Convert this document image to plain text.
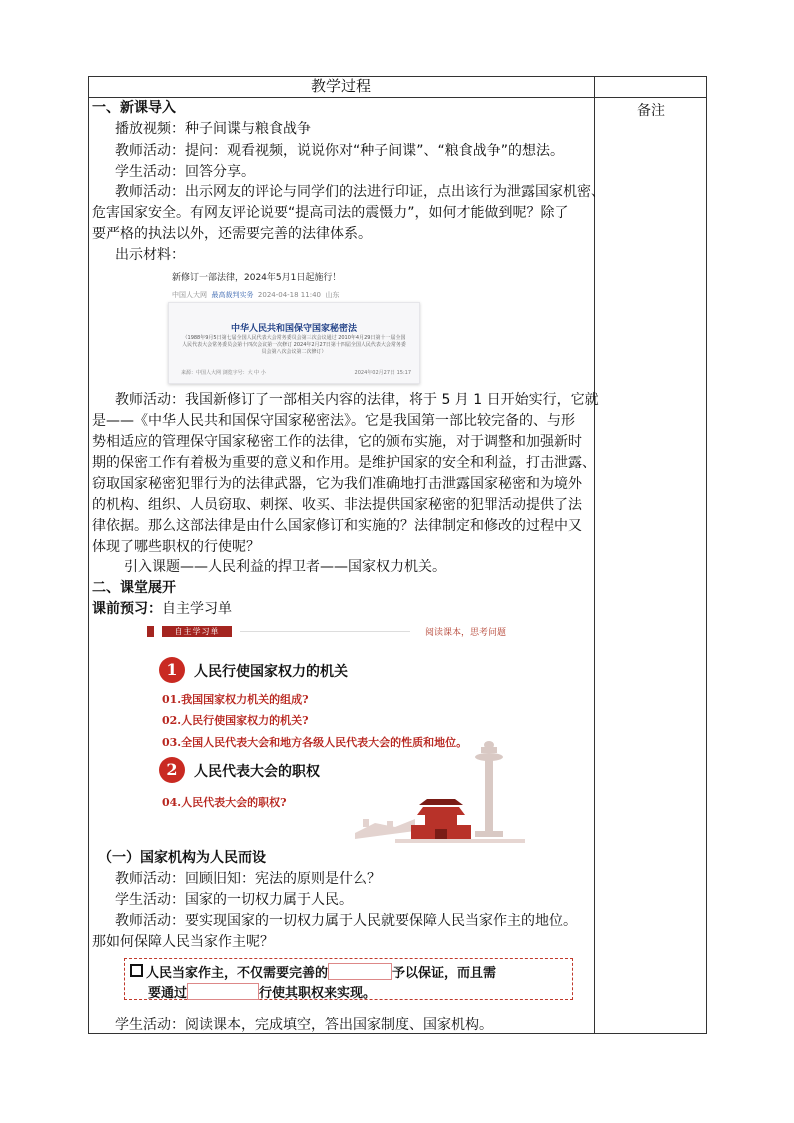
教学过程
备注
一、新课导入
播放视频：种子间谍与粮食战争
教师活动：提问：观看视频，说说你对“种子间谍”、“粮食战争”的想法。
学生活动：回答分享。
教师活动：出示网友的评论与同学们的法进行印证，点出该行为泄露国家机密、
危害国家安全。有网友评论说要“提高司法的震慑力”，如何才能做到呢？除了
要严格的执法以外，还需要完善的法律体系。
出示材料：
新修订一部法律，2024年5月1日起施行！
中国人大网 最高裁判实务 2024-04-18 11:40 山东
中华人民共和国保守国家秘密法
（1988年9月5日第七届全国人民代表大会常务委员会第三次会议通过 2010年4月29日第十一届全国人民代表大会常务委员会第十四次会议第一次修订 2024年2月27日第十四届全国人民代表大会常务委员会第八次会议第二次修订）
来源：中国人大网 浏览字号：大 中 小	2024年02月27日 15:17
教师活动：我国新修订了一部相关内容的法律，将于 5 月 1 日开始实行，它就
是——《中华人民共和国保守国家秘密法》。它是我国第一部比较完备的、与形
势相适应的管理保守国家秘密工作的法律，它的颁布实施，对于调整和加强新时
期的保密工作有着极为重要的意义和作用。是维护国家的安全和利益，打击泄露、
窃取国家秘密犯罪行为的法律武器，它为我们准确地打击泄露国家秘密和为境外
的机构、组织、人员窃取、刺探、收买、非法提供国家秘密的犯罪活动提供了法
律依据。那么这部法律是由什么国家修订和实施的？法律制定和修改的过程中又
体现了哪些职权的行使呢？
引入课题——人民利益的捍卫者——国家权力机关。
二、课堂展开
课前预习：自主学习单
自主学习单	阅读课本，思考问题
1	人民行使国家权力的机关
01.我国国家权力机关的组成?
02.人民行使国家权力的机关?
03.全国人民代表大会和地方各级人民代表大会的性质和地位。
2	人民代表大会的职权
04.人民代表大会的职权?
（一）国家机构为人民而设
教师活动：回顾旧知：宪法的原则是什么？
学生活动：国家的一切权力属于人民。
教师活动：要实现国家的一切权力属于人民就要保障人民当家作主的地位。
那如何保障人民当家作主呢？
人民当家作主，不仅需要完善的	予以保证，而且需
要通过	行使其职权来实现。
学生活动：阅读课本，完成填空，答出国家制度、国家机构。
